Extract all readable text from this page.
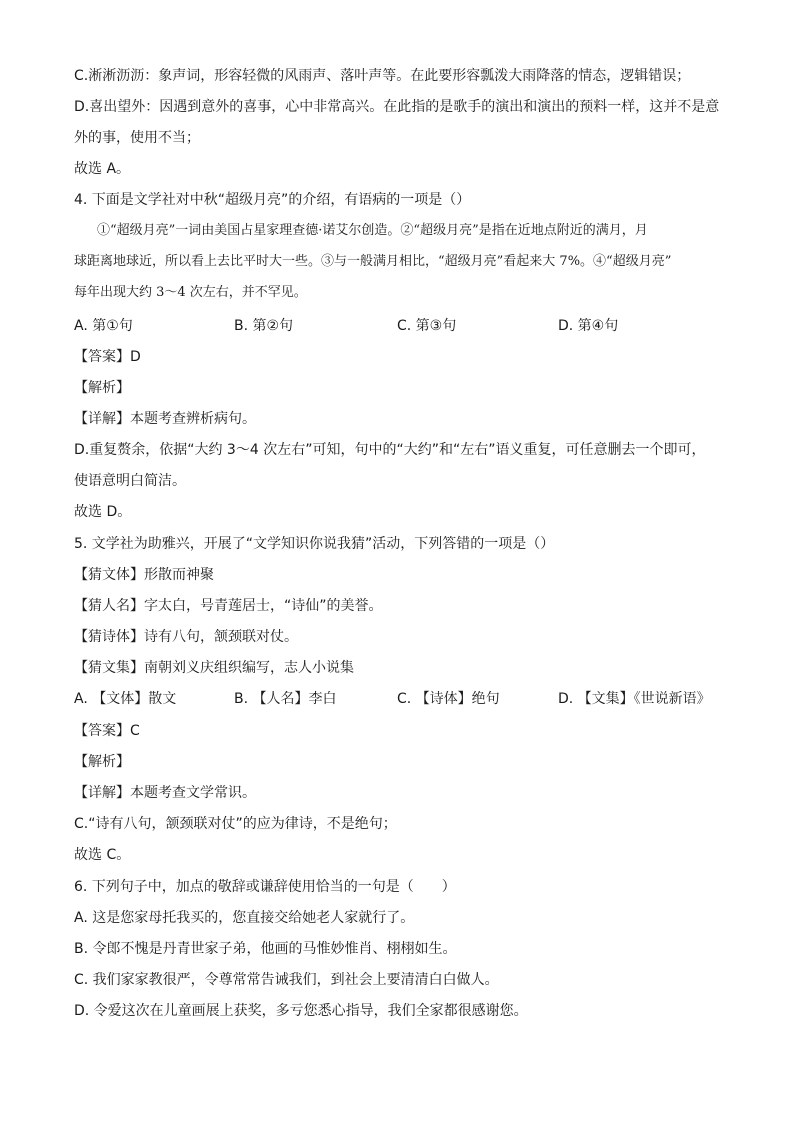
C.淅淅沥沥：象声词，形容轻微的风雨声、落叶声等。在此要形容瓢泼大雨降落的情态，逻辑错误；
D.喜出望外：因遇到意外的喜事，心中非常高兴。在此指的是歌手的演出和演出的预料一样，这并不是意
外的事，使用不当；
故选 A。
4. 下面是文学社对中秋“超级月亮”的介绍，有语病的一项是（）
①“超级月亮”一词由美国占星家理查德·诺艾尔创造。②“超级月亮”是指在近地点附近的满月，月
球距离地球近，所以看上去比平时大一些。③与一般满月相比，“超级月亮”看起来大 7%。④“超级月亮”
每年出现大约 3～4 次左右，并不罕见。
A. 第①句	B. 第②句	C. 第③句	D. 第④句
【答案】D
【解析】
【详解】本题考查辨析病句。
D.重复赘余，依据“大约 3～4 次左右”可知，句中的“大约”和“左右”语义重复，可任意删去一个即可，
使语意明白简洁。
故选 D。
5. 文学社为助雅兴，开展了“文学知识你说我猜”活动，下列答错的一项是（）
【猜文体】形散而神聚
【猜人名】字太白，号青莲居士，“诗仙”的美誉。
【猜诗体】诗有八句，颔颈联对仗。
【猜文集】南朝刘义庆组织编写，志人小说集
A. 【文体】散文	B. 【人名】李白	C. 【诗体】绝句	D. 【文集】《世说新语》
【答案】C
【解析】
【详解】本题考查文学常识。
C.“诗有八句，颔颈联对仗”的应为律诗，不是绝句；
故选 C。
6. 下列句子中，加点的敬辞或谦辞使用恰当的一句是（　　）
A. 这是您家母托我买的，您直接交给她老人家就行了。
B. 令郎不愧是丹青世家子弟，他画的马惟妙惟肖、栩栩如生。
C. 我们家家教很严，令尊常常告诫我们，到社会上要清清白白做人。
D. 令爱这次在儿童画展上获奖，多亏您悉心指导，我们全家都很感谢您。
